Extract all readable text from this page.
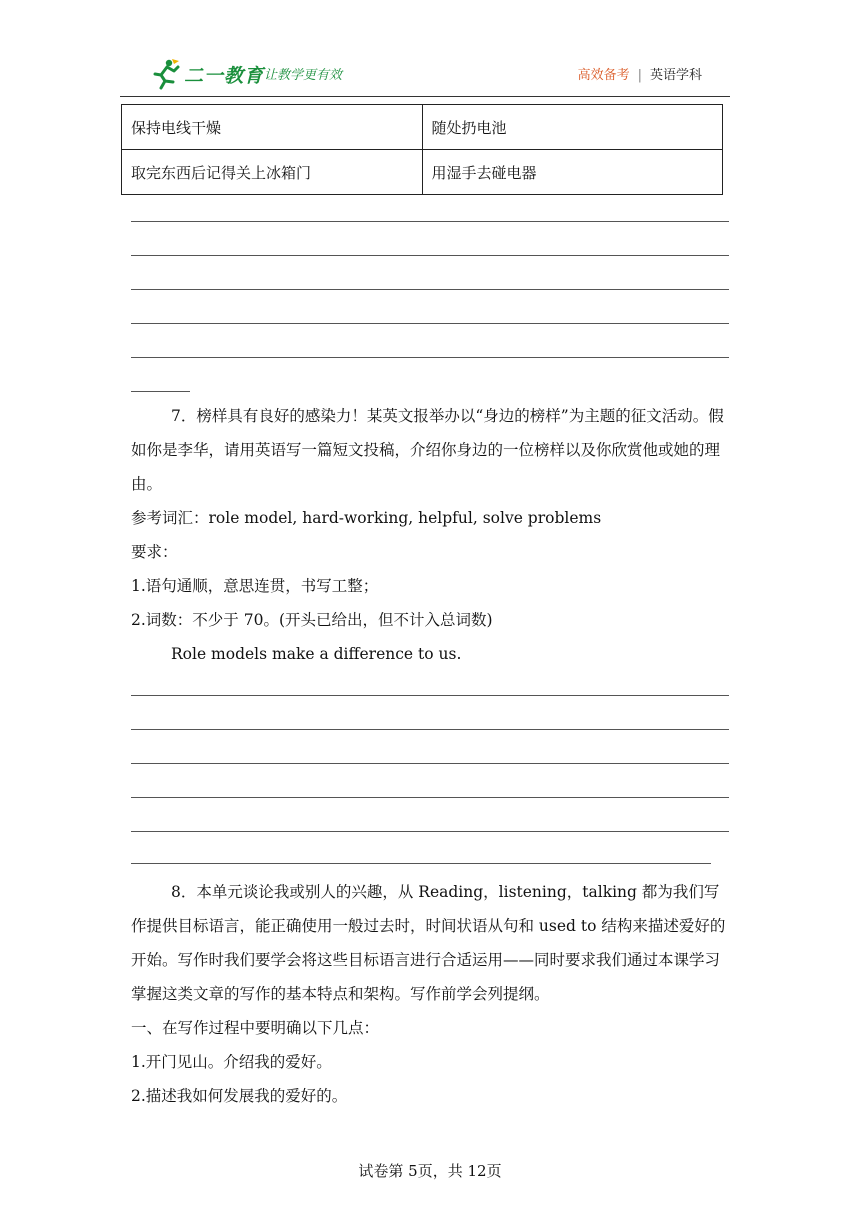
二一教育 让教学更有效	高效备考 | 英语学科
保持电线干燥	随处扔电池
取完东西后记得关上冰箱门	用湿手去碰电器
7．榜样具有良好的感染力！某英文报举办以“身边的榜样”为主题的征文活动。假如你是李华，请用英语写一篇短文投稿，介绍你身边的一位榜样以及你欣赏他或她的理由。
参考词汇：role model, hard-working, helpful, solve problems
要求：
1.语句通顺，意思连贯，书写工整；
2.词数：不少于 70。(开头已给出，但不计入总词数)
Role models make a difference to us.
8．本单元谈论我或别人的兴趣，从 Reading，listening，talking 都为我们写作提供目标语言，能正确使用一般过去时，时间状语从句和 used to 结构来描述爱好的开始。写作时我们要学会将这些目标语言进行合适运用——同时要求我们通过本课学习掌握这类文章的写作的基本特点和架构。写作前学会列提纲。
一、在写作过程中要明确以下几点：
1.开门见山。介绍我的爱好。
2.描述我如何发展我的爱好的。
试卷第 5页，共 12页
